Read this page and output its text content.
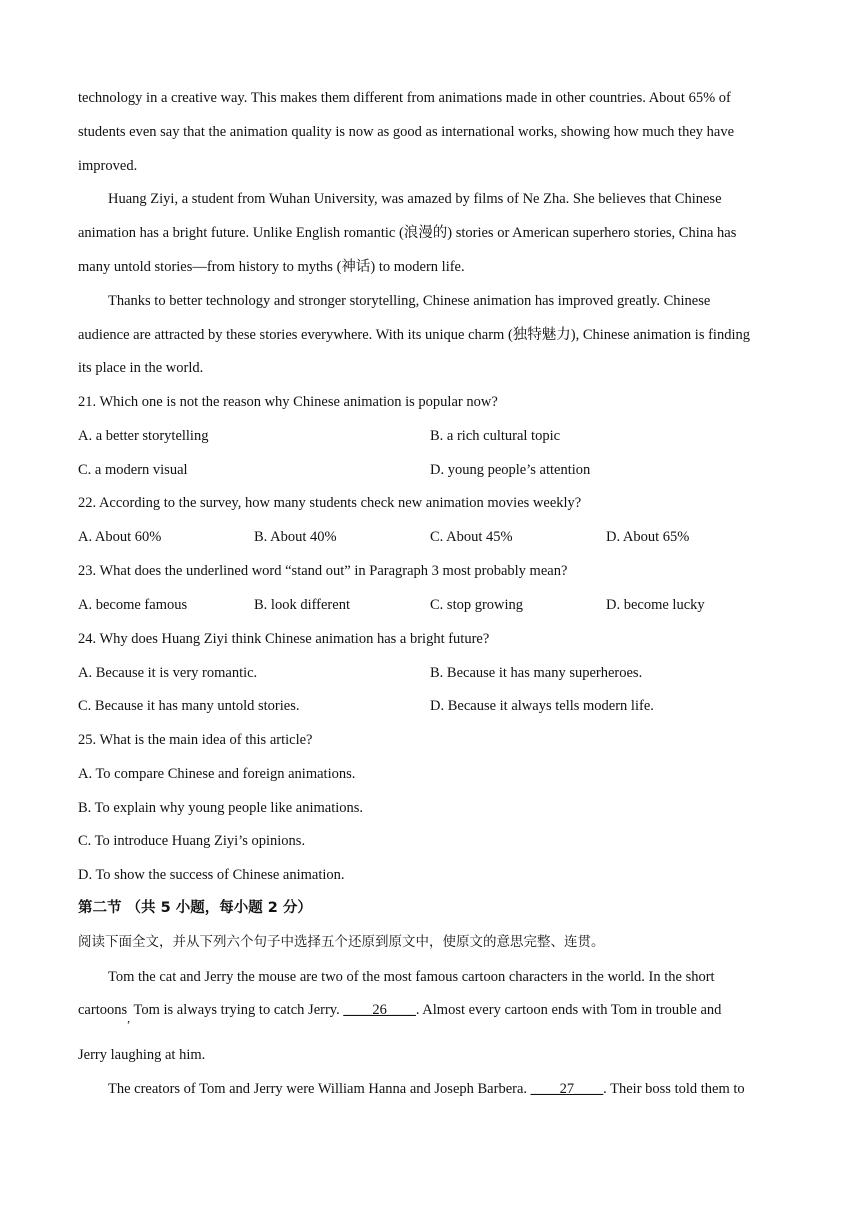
technology in a creative way. This makes them different from animations made in other countries. About 65% of
students even say that the animation quality is now as good as international works, showing how much they have
improved.
Huang Ziyi, a student from Wuhan University, was amazed by films of Ne Zha. She believes that Chinese
animation has a bright future. Unlike English romantic (浪漫的) stories or American superhero stories, China has
many untold stories—from history to myths (神话) to modern life.
Thanks to better technology and stronger storytelling, Chinese animation has improved greatly. Chinese
audience are attracted by these stories everywhere. With its unique charm (独特魅力), Chinese animation is finding
its place in the world.
21. Which one is not the reason why Chinese animation is popular now?
A. a better storytelling	B. a rich cultural topic
C. a modern visual	D. young people’s attention
22. According to the survey, how many students check new animation movies weekly?
A. About 60%	B. About 40%	C. About 45%	D. About 65%
23. What does the underlined word “stand out” in Paragraph 3 most probably mean?
A. become famous	B. look different	C. stop growing	D. become lucky
24. Why does Huang Ziyi think Chinese animation has a bright future?
A. Because it is very romantic.	B. Because it has many superheroes.
C. Because it has many untold stories.	D. Because it always tells modern life.
25. What is the main idea of this article?
A. To compare Chinese and foreign animations.
B. To explain why young people like animations.
C. To introduce Huang Ziyi’s opinions.
D. To show the success of Chinese animation.
第二节 （共 5 小题，每小题 2 分）
阅读下面全文，并从下列六个句子中选择五个还原到原文中，使原文的意思完整、连贯。
Tom the cat and Jerry the mouse are two of the most famous cartoon characters in the world. In the short
cartoons$_,$ Tom is always trying to catch Jerry. ____26____. Almost every cartoon ends with Tom in trouble and
Jerry laughing at him.
The creators of Tom and Jerry were William Hanna and Joseph Barbera. ____27____. Their boss told them to
